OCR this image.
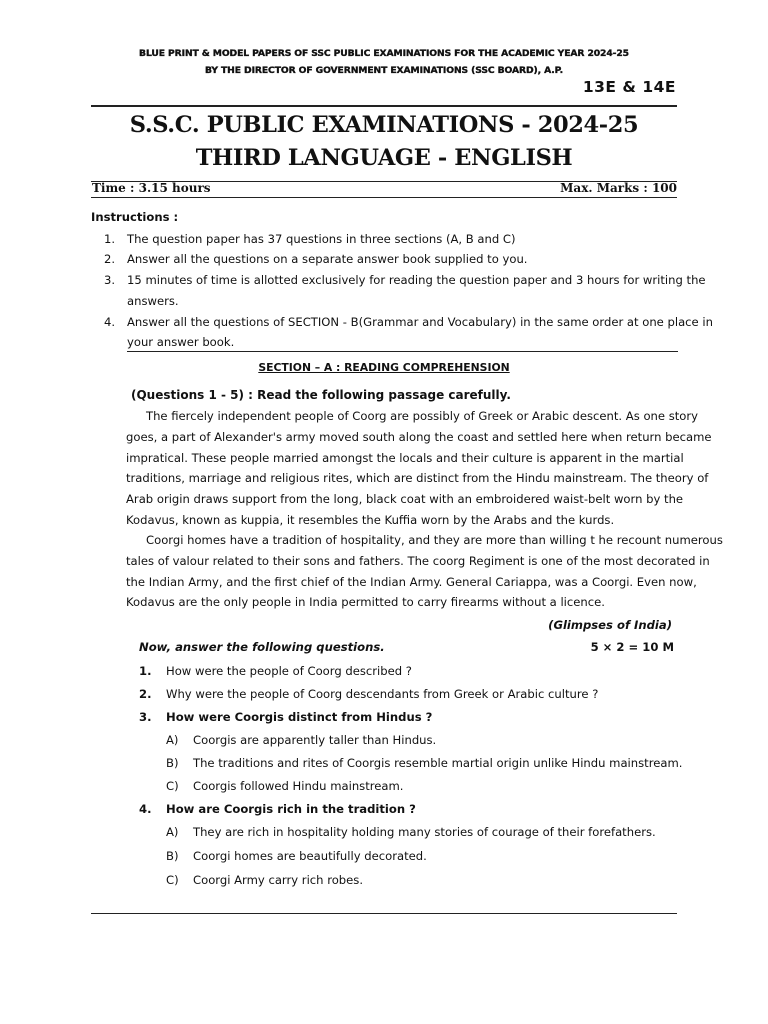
BLUE PRINT & MODEL PAPERS OF SSC PUBLIC EXAMINATIONS FOR THE ACADEMIC YEAR 2024-25
BY THE DIRECTOR OF GOVERNMENT EXAMINATIONS (SSC BOARD), A.P.
13E & 14E
S.S.C. PUBLIC EXAMINATIONS - 2024-25
THIRD LANGUAGE - ENGLISH
Time : 3.15 hours	Max. Marks : 100
Instructions :
1.	The question paper has 37 questions in three sections (A, B and C)
2.	Answer all the questions on a separate answer book supplied to you.
3.	15 minutes of time is allotted exclusively for reading the question paper and 3 hours for writing the
answers.
4.	Answer all the questions of SECTION - B(Grammar and Vocabulary) in the same order at one place in
your answer book.
SECTION – A : READING COMPREHENSION
(Questions 1 - 5) : Read the following passage carefully.
The fiercely independent people of Coorg are possibly of Greek or Arabic descent. As one story
goes, a part of Alexander's army moved south along the coast and settled here when return became
impratical. These people married amongst the locals and their culture is apparent in the martial
traditions, marriage and religious rites, which are distinct from the Hindu mainstream. The theory of
Arab origin draws support from the long, black coat with an embroidered waist-belt worn by the
Kodavus, known as kuppia, it resembles the Kuffia worn by the Arabs and the kurds.
Coorgi homes have a tradition of hospitality, and they are more than willing t he recount numerous
tales of valour related to their sons and fathers. The coorg Regiment is one of the most decorated in
the Indian Army, and the first chief of the Indian Army. General Cariappa, was a Coorgi. Even now,
Kodavus are the only people in India permitted to carry firearms without a licence.
(Glimpses of India)
Now, answer the following questions.	5 × 2 = 10 M
1. How were the people of Coorg described ?
2. Why were the people of Coorg descendants from Greek or Arabic culture ?
3. How were Coorgis distinct from Hindus ?
A) Coorgis are apparently taller than Hindus.
B) The traditions and rites of Coorgis resemble martial origin unlike Hindu mainstream.
C) Coorgis followed Hindu mainstream.
4. How are Coorgis rich in the tradition ?
A) They are rich in hospitality holding many stories of courage of their forefathers.
B) Coorgi homes are beautifully decorated.
C) Coorgi Army carry rich robes.
